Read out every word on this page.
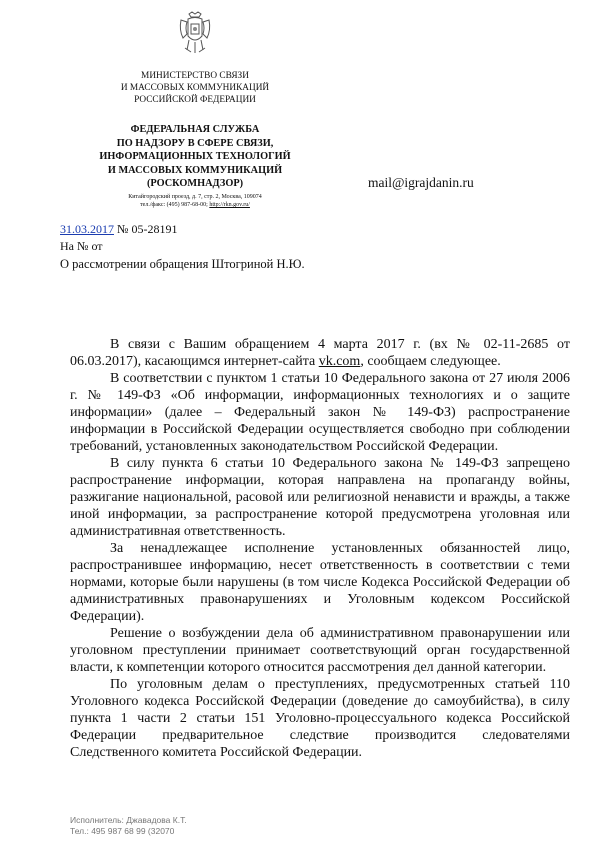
МИНИСТЕРСТВО СВЯЗИ
И МАССОВЫХ КОММУНИКАЦИЙ
РОССИЙСКОЙ ФЕДЕРАЦИИ
ФЕДЕРАЛЬНАЯ СЛУЖБА
ПО НАДЗОРУ В СФЕРЕ СВЯЗИ,
ИНФОРМАЦИОННЫХ ТЕХНОЛОГИЙ
И МАССОВЫХ КОММУНИКАЦИЙ
(РОСКОМНАДЗОР)
Китайгородский проезд, д. 7, стр. 2, Москва, 109074
тел./факс: (495) 987-68-00; http://rkn.gov.ru/
mail@igrajdanin.ru
31.03.2017 № 05-28191
На № от
О рассмотрении обращения Штогриной Н.Ю.

В связи с Вашим обращением 4 марта 2017 г. (вх № 02-11-2685 от 06.03.2017), касающимся интернет-сайта vk.com, сообщаем следующее.

В соответствии с пунктом 1 статьи 10 Федерального закона от 27 июля 2006 г. № 149-ФЗ «Об информации, информационных технологиях и о защите информации» (далее – Федеральный закон № 149-ФЗ) распространение информации в Российской Федерации осуществляется свободно при соблюдении требований, установленных законодательством Российской Федерации.

В силу пункта 6 статьи 10 Федерального закона № 149-ФЗ запрещено распространение информации, которая направлена на пропаганду войны, разжигание национальной, расовой или религиозной ненависти и вражды, а также иной информации, за распространение которой предусмотрена уголовная или административная ответственность.

За ненадлежащее исполнение установленных обязанностей лицо, распространившее информацию, несет ответственность в соответствии с теми нормами, которые были нарушены (в том числе Кодекса Российской Федерации об административных правонарушениях и Уголовным кодексом Российской Федерации).

Решение о возбуждении дела об административном правонарушении или уголовном преступлении принимает соответствующий орган государственной власти, к компетенции которого относится рассмотрения дел данной категории.

По уголовным делам о преступлениях, предусмотренных статьей 110 Уголовного кодекса Российской Федерации (доведение до самоубийства), в силу пункта 1 части 2 статьи 151 Уголовно-процессуального кодекса Российской Федерации предварительное следствие производится следователями Следственного комитета Российской Федерации.

Исполнитель: Джавадова К.Т.
Тел.: 495 987 68 99 (32070
